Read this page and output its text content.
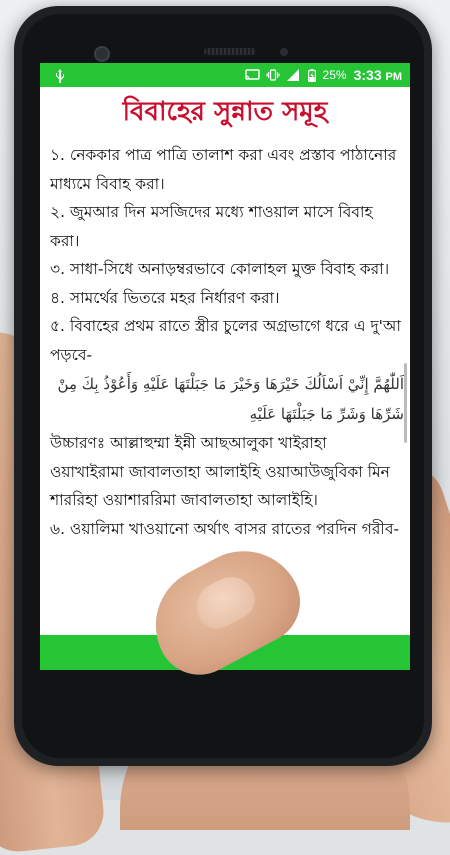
25% 3:33 PM
বিবাহের সুন্নাত সমূহ

১. নেককার পাত্র পাত্রি তালাশ করা এবং প্রস্তাব পাঠানোর মাধ্যমে বিবাহ করা।

২. জুমআর দিন মসজিদের মধ্যে শাওয়াল মাসে বিবাহ করা।

৩. সাধা-সিধে অনাড়ম্বরভাবে কোলাহল মুক্ত বিবাহ করা।

৪. সামর্থের ভিতরে মহর নির্ধারণ করা।

৫. বিবাহের প্রথম রাতে স্ত্রীর চুলের অগ্রভাগে ধরে এ দু'আ পড়বে-

اَللّٰهُمَّ إِنِّيْ اَسْاَلُكَ خَيْرَهَا وَخَيْرَ مَا جَبَلْتَهَا عَلَيْهِ وَأَعُوْذُ بِكَ مِنْ شَرِّهَا وَشَرِّ مَا جَبَلْتَهَا عَلَيْهِ

উচ্চারণঃ আল্লাহুম্মা ইন্নী আছআলুকা খাইরাহা ওয়াখাইরামা জাবালতাহা আলাইহি ওয়াআউজুবিকা মিন শাররিহা ওয়াশাররিমা জাবালতাহা আলাইহি।

৬. ওয়ালিমা খাওয়ানো অর্থাৎ বাসর রাতের পরদিন গরীব-
